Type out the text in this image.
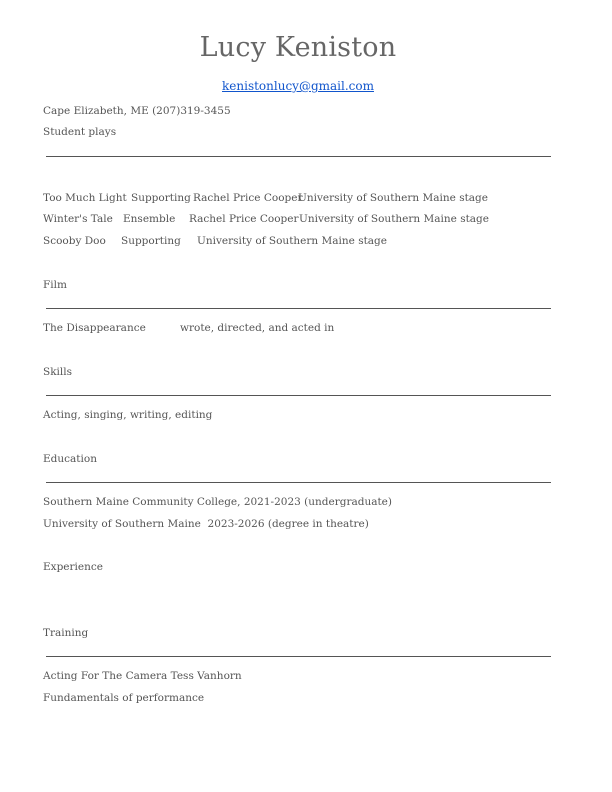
Lucy Keniston
kenistonlucy@gmail.com
Cape Elizabeth, ME (207)319-3455
Student plays
Too Much Light Supporting Rachel Price Cooper
University of Southern Maine stage
Winter's Tale Ensemble Rachel Price Cooper University of Southern Maine stage
Scooby Doo Supporting University of Southern Maine stage
Film
The Disappearance	wrote, directed, and acted in
Skills
Acting, singing, writing, editing
Education
Southern Maine Community College, 2021-2023 (undergraduate)
University of Southern Maine  2023-2026 (degree in theatre)
Experience
Training
Acting For The Camera Tess Vanhorn
Fundamentals of performance
